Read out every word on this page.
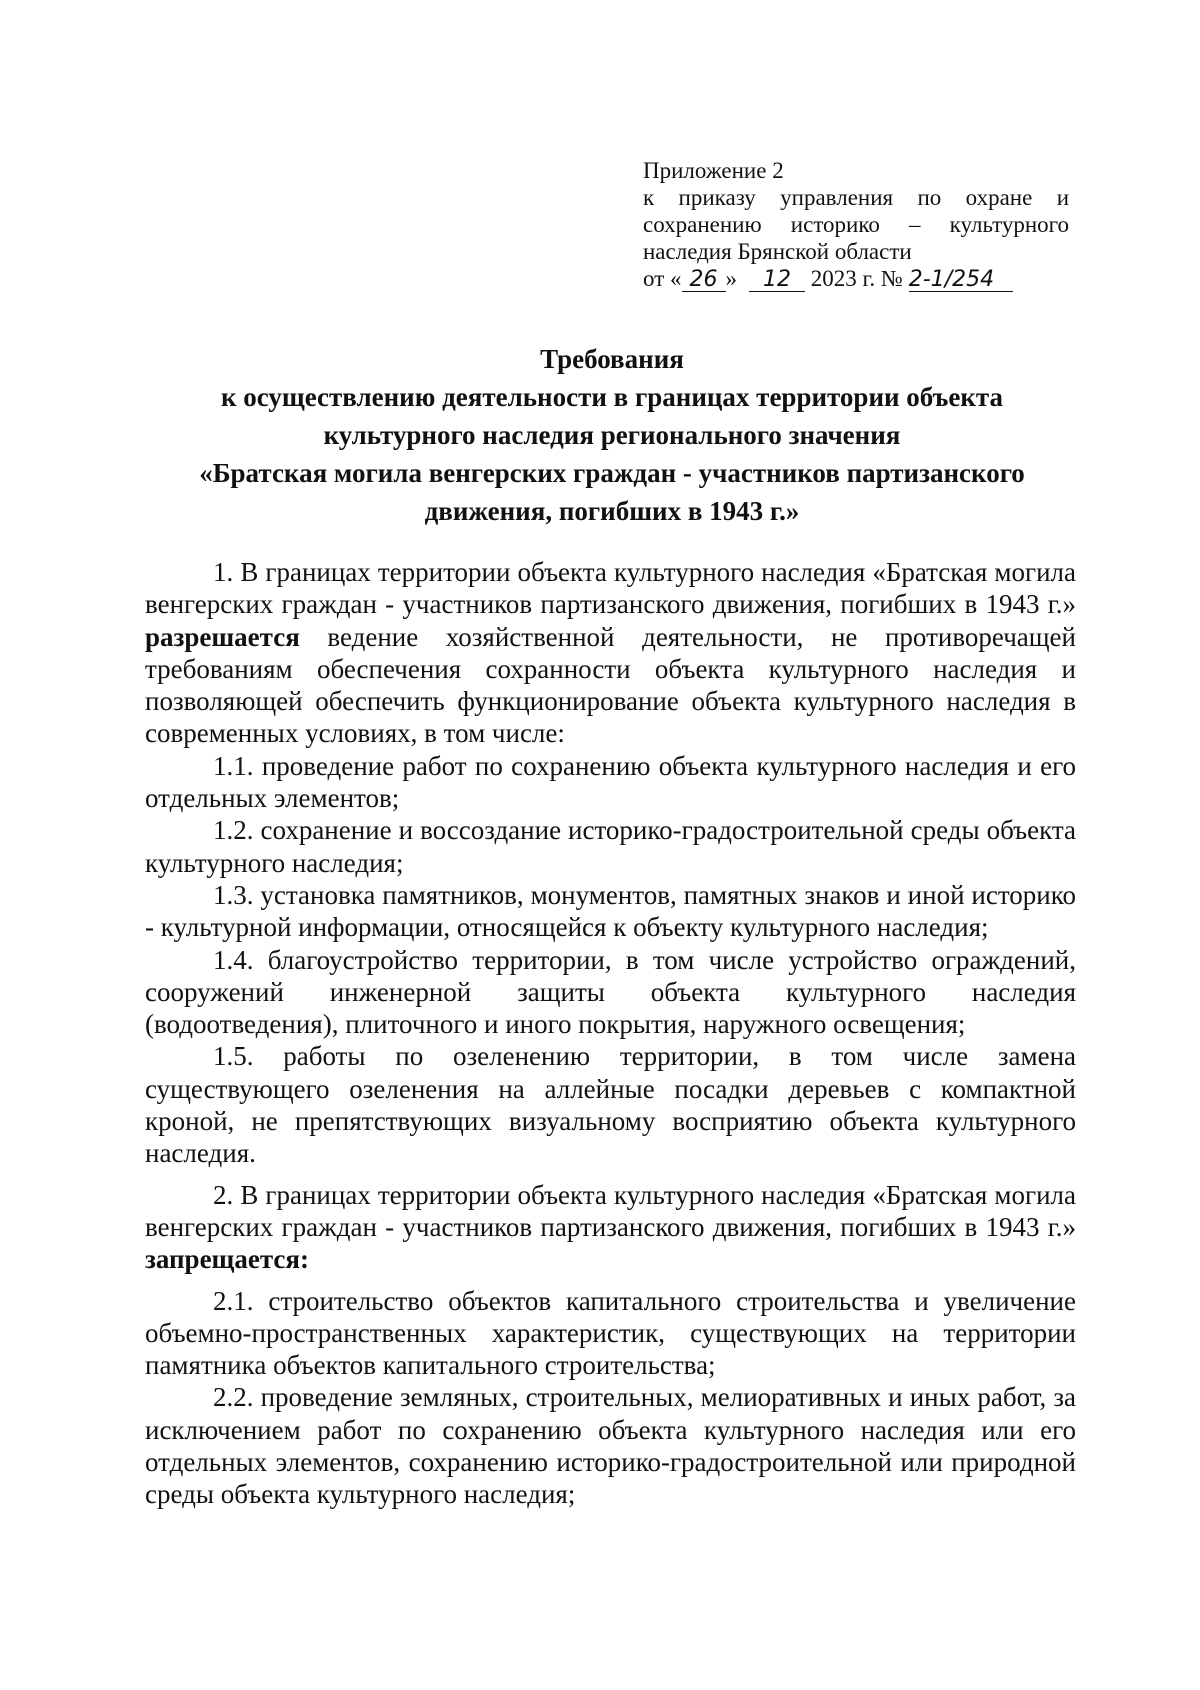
Приложение 2
к приказу управления по охране и
сохранению историко – культурного
наследия Брянской области
от « 26 » 12 2023 г. № 2-1/254
Требования
к осуществлению деятельности в границах территории объекта
культурного наследия регионального значения
«Братская могила венгерских граждан - участников партизанского
движения, погибших в 1943 г.»

1. В границах территории объекта культурного наследия «Братская могила венгерских граждан - участников партизанского движения, погибших в 1943 г.» разрешается ведение хозяйственной деятельности, не противоречащей требованиям обеспечения сохранности объекта культурного наследия и позволяющей обеспечить функционирование объекта культурного наследия в современных условиях, в том числе:

1.1. проведение работ по сохранению объекта культурного наследия и его отдельных элементов;

1.2. сохранение и воссоздание историко-градостроительной среды объекта культурного наследия;

1.3. установка памятников, монументов, памятных знаков и иной историко - культурной информации, относящейся к объекту культурного наследия;

1.4. благоустройство территории, в том числе устройство ограждений, сооружений инженерной защиты объекта культурного наследия (водоотведения), плиточного и иного покрытия, наружного освещения;

1.5. работы по озеленению территории, в том числе замена существующего озеленения на аллейные посадки деревьев с компактной кроной, не препятствующих визуальному восприятию объекта культурного наследия.

2. В границах территории объекта культурного наследия «Братская могила венгерских граждан - участников партизанского движения, погибших в 1943 г.» запрещается:

2.1. строительство объектов капитального строительства и увеличение объемно-пространственных характеристик, существующих на территории памятника объектов капитального строительства;

2.2. проведение земляных, строительных, мелиоративных и иных работ, за исключением работ по сохранению объекта культурного наследия или его отдельных элементов, сохранению историко-градостроительной или природной среды объекта культурного наследия;
